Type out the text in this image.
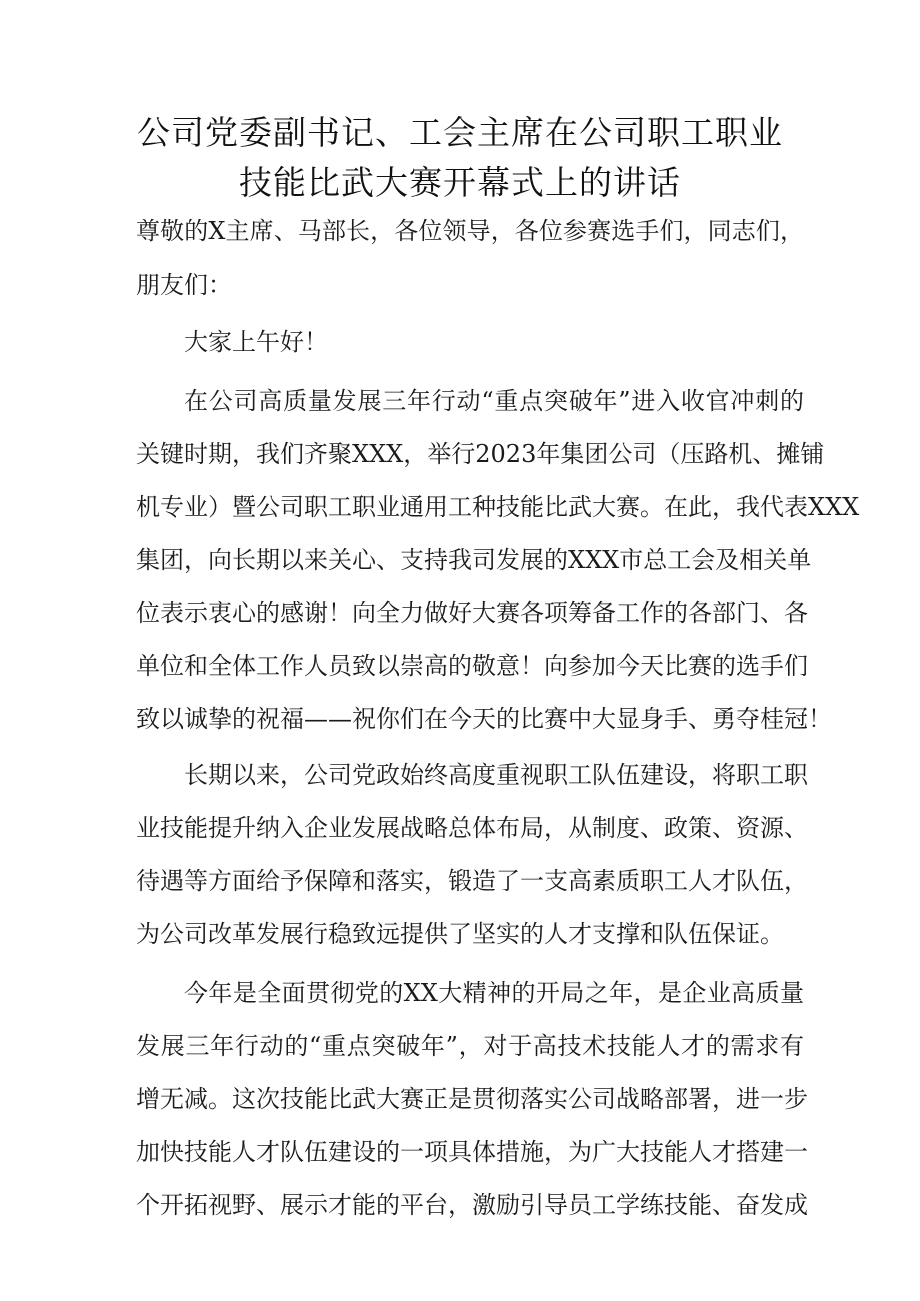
公司党委副书记、工会主席在公司职工职业
技能比武大赛开幕式上的讲话
尊敬的X主席、马部长，各位领导，各位参赛选手们，同志们，
朋友们：
大家上午好！
在公司高质量发展三年行动“重点突破年”进入收官冲刺的
关键时期，我们齐聚XXX，举行2023年集团公司（压路机、摊铺
机专业）暨公司职工职业通用工种技能比武大赛。在此，我代表XXX
集团，向长期以来关心、支持我司发展的XXX市总工会及相关单
位表示衷心的感谢！向全力做好大赛各项筹备工作的各部门、各
单位和全体工作人员致以崇高的敬意！向参加今天比赛的选手们
致以诚挚的祝福——祝你们在今天的比赛中大显身手、勇夺桂冠！
长期以来，公司党政始终高度重视职工队伍建设，将职工职
业技能提升纳入企业发展战略总体布局，从制度、政策、资源、
待遇等方面给予保障和落实，锻造了一支高素质职工人才队伍，
为公司改革发展行稳致远提供了坚实的人才支撑和队伍保证。
今年是全面贯彻党的XX大精神的开局之年，是企业高质量
发展三年行动的“重点突破年”，对于高技术技能人才的需求有
增无减。这次技能比武大赛正是贯彻落实公司战略部署，进一步
加快技能人才队伍建设的一项具体措施，为广大技能人才搭建一
个开拓视野、展示才能的平台，激励引导员工学练技能、奋发成
